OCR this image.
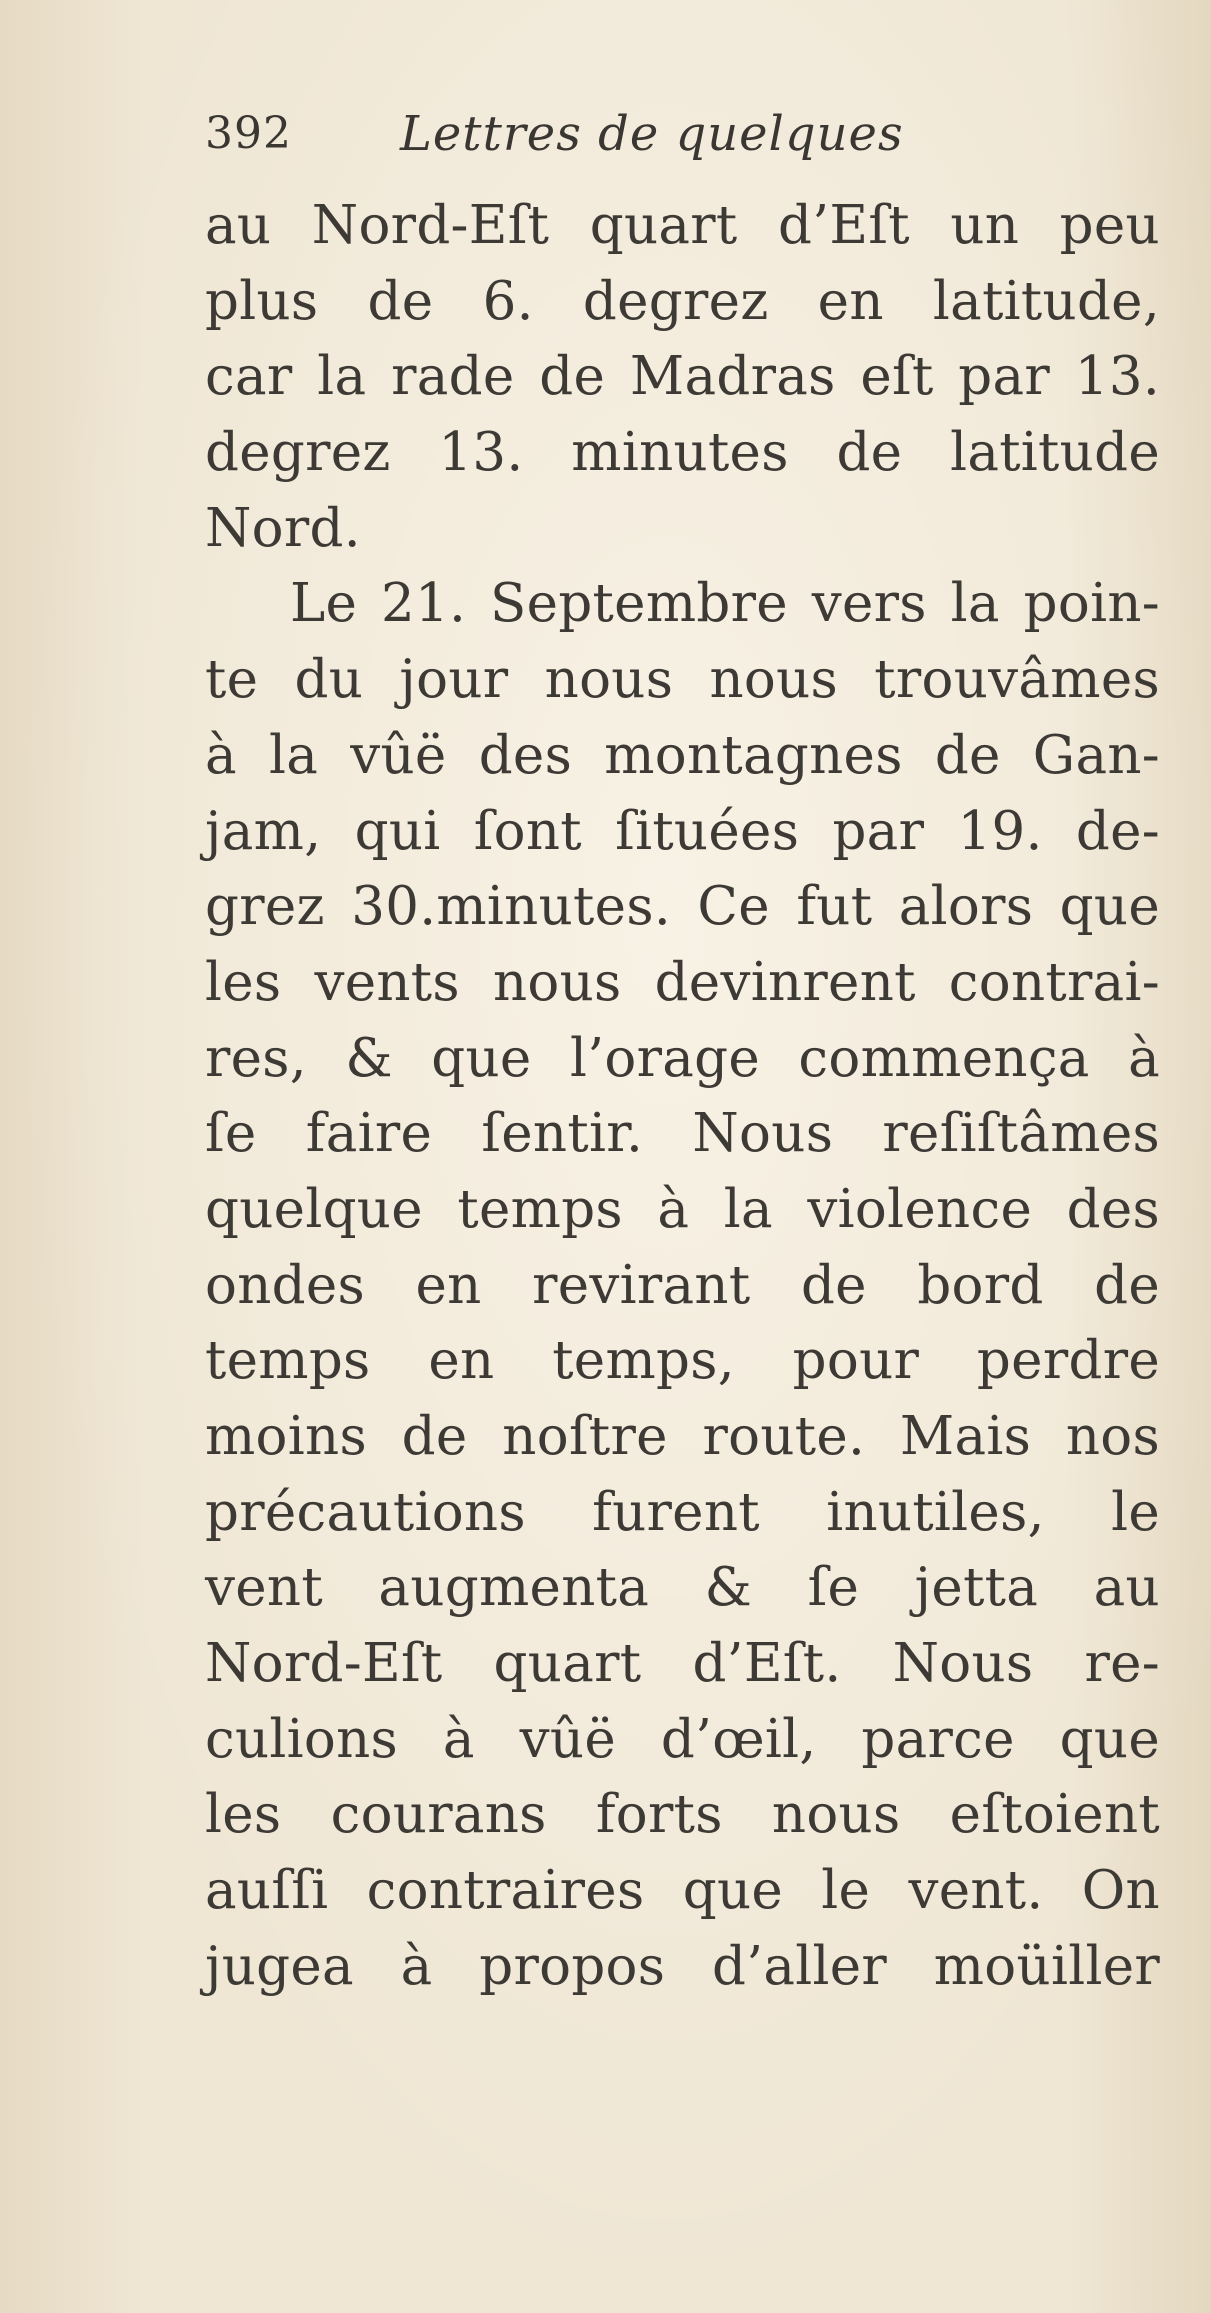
392 Lettres de quelques
au Nord-Eſt quart d’Eſt un peu
plus de 6. degrez en latitude,
car la rade de Madras eſt par 13.
degrez 13. minutes de latitude
Nord.
Le 21. Septembre vers la poin-
te du jour nous nous trouvâmes
à la vûë des montagnes de Gan-
jam, qui ſont ſituées par 19. de-
grez 30.minutes. Ce fut alors que
les vents nous devinrent contrai-
res, & que l’orage commença à
ſe faire ſentir. Nous reſiſtâmes
quelque temps à la violence des
ondes en revirant de bord de
temps en temps, pour perdre
moins de noſtre route. Mais nos
précautions furent inutiles, le
vent augmenta & ſe jetta au
Nord-Eſt quart d’Eſt. Nous re-
culions à vûë d’œil, parce que
les courans forts nous eſtoient
auſſi contraires que le vent. On
jugea à propos d’aller moüiller
